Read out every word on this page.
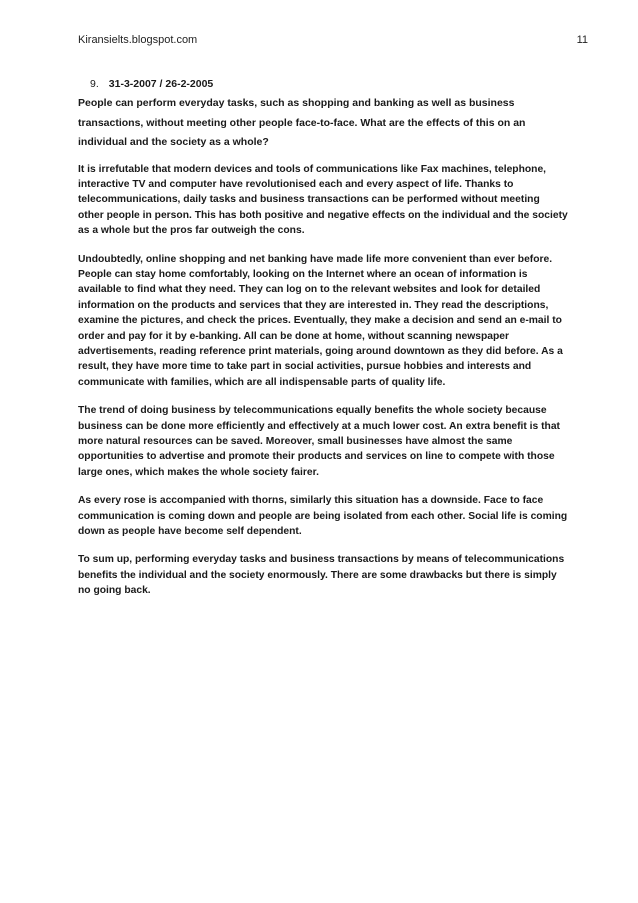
Kiransielts.blogspot.com	11
9. 31-3-2007 / 26-2-2005

People can perform everyday tasks, such as shopping and banking as well as business transactions, without meeting other people face-to-face. What are the effects of this on an individual and the society as a whole?

It is irrefutable that modern devices and tools of communications like Fax machines, telephone, interactive TV and computer have revolutionised each and every aspect of life. Thanks to telecommunications, daily tasks and business transactions can be performed without meeting other people in person. This has both positive and negative effects on the individual and the society as a whole but the pros far outweigh the cons.

Undoubtedly, online shopping and net banking have made life more convenient than ever before. People can stay home comfortably, looking on the Internet where an ocean of information is available to find what they need. They can log on to the relevant websites and look for detailed information on the products and services that they are interested in. They read the descriptions, examine the pictures, and check the prices. Eventually, they make a decision and send an e-mail to order and pay for it by e-banking. All can be done at home, without scanning newspaper advertisements, reading reference print materials, going around downtown as they did before. As a result, they have more time to take part in social activities, pursue hobbies and interests and communicate with families, which are all indispensable parts of quality life.

The trend of doing business by telecommunications equally benefits the whole society because business can be done more efficiently and effectively at a much lower cost. An extra benefit is that more natural resources can be saved. Moreover, small businesses have almost the same opportunities to advertise and promote their products and services on line to compete with those large ones, which makes the whole society fairer.

As every rose is accompanied with thorns, similarly this situation has a downside. Face to face communication is coming down and people are being isolated from each other. Social life is coming down as people have become self dependent.

To sum up, performing everyday tasks and business transactions by means of telecommunications benefits the individual and the society enormously. There are some drawbacks but there is simply no going back.
